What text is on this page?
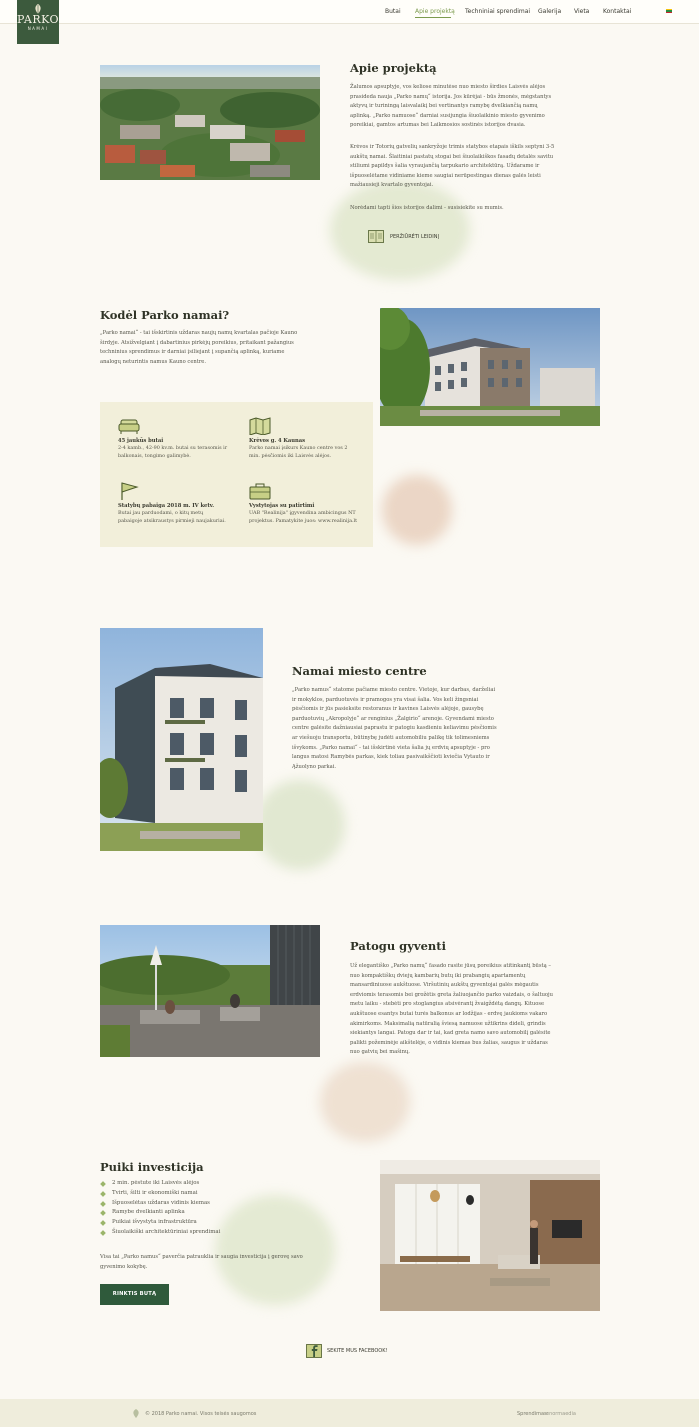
PARKO
NAMAI
Butai Apie projektą Techniniai sprendimai Galerija Vieta Kontaktai
Apie projektą
Žalumos apsuptyje, vos keliose minutėse nuo miesto širdies Laisvės alėjos prasideda nauja „Parko namų“ istorija. Jos kūrėjai - būs žmonės, mėgstantys aktyvų ir turiningą laisvalaikį bei vertinantys ramybę dvelkiančią namų aplinką. „Parko namuose“ darniai susijungia šiuolaikinio miesto gyvenimo poreikiai, gamtos artumas bei Laikmosios sostinės istorijos dvasia.
Krėvos ir Totorių gatvelių sankryžoje trimis statybos etapais iškils septyni 3-5 aukštų namai. Šlaitiniai pastatų stogai bei šiuolaikiškos fasadų detalės savitu stiliumi papildys šalia vyraujančią tarpukario architektūrą. Uždarame ir išpuoselėtame vidiniame kieme saugiai nerūpestingas dienas galės leisti mažiausieji kvartalo gyventojai.
Norėdami tapti šios istorijos dalimi - susisiekite su mumis.
PERŽIŪRĖTI LEIDINĮ
Kodėl Parko namai?
„Parko namai“ - tai išskirtinis uždaras naujų namų kvartalas pačioje Kauno širdyje. Atsižvelgiant į dabartinius pirkėjų poreikius, pritaikant pažangius techninius sprendimus ir darniai įsiliejant į supančią aplinką, kuriame analogų neturintis namus Kauno centre.
45 jaukūs butai
2-4 kamb., 42-90 kv.m. butai su terasomis ir balkonais, tongimo galimybė.
Krėvos g. 4 Kaunas
Parko namai įsikurs Kauno centre vos 2 min. pėsčiomis iki Laisvės alėjos.
Statybų pabaiga 2018 m. IV ketv.
Butai jau parduodami, o kitų metų pabaigoje atsikraustys pirmieji naujakuriai.
Vystytojas su patirtimi
UAB "Realinija" įgyvendina ambicingus NT projektus. Pamatykite juos: www.realinija.lt
Namai miesto centre
„Parko namus“ statome pačiame miesto centre. Vietoje, kur darbas, darželiai ir mokyklos, parduotuvės ir pramogos yra visai šalia. Vos keli žingsniai pėsčiomis ir jūs pasieksite restoranus ir kavines Laisvės alėjoje, gausybę parduotuvių „Akropolyje“ ar renginius „Žalgirio“ arenoje. Gyvendami miesto centre galėsite dažniausiai paprastu ir patogiu kasdieniu keliavimu pėsčiomis ar viešuoju transportu, būtinybę judėti automobiliu palikę tik tolimesniems išvykoms. „Parko namai“ - tai išskirtinė vieta šalia jų erdvių apsuptyje - pro langus matosi Ramybės parkas, kiek toliau pasivaikščioti kviečia Vytauto ir Ąžuolyno parkai.
Patogu gyventi
Už elegantiško „Parko namų“ fasado rasite jūsų poreikius atitinkantį būstą – nuo kompaktiškų dviejų kambarių butų iki prabangių apartamentų mansardiniuose aukštuose. Viršutinių aukštų gyventojai galės mėgautis erdviomis terasomis bei grožėtis greta žaliuojančio parko vaizdais, o šaltuoju metu laiku - stebėti pro stoglangius atsivėrantį žvaigždėtą dangų. Kituose aukštuose esantys butai turės balkonus ar lodžijas - erdvę jaukioms vakaro akimirkoms. Maksimalią natūralią šviesą namuose užtikrins dideli, grindis siekiantys langai. Patogu dar ir tai, kad greta namo savo automobilį galėsite palikti požeminėje aikštelėje, o vidinis kiemas bus žalias, saugus ir uždaras nuo gatvių bei mašinų.
Puiki investicija
2 min. pėstute iki Laisvės alėjos
Tvirti, šilti ir ekonomiški namai
Išpuoselėtas uždaras vidinis kiemas
Ramybe dvelkianti aplinka
Puikiai išvystyta infrastruktūra
Šiuolaikiški architektūriniai sprendimai
Visa tai „Parko namus“ paverčia patrauklia ir saugia investicija į gerovę savo gyvenimo kokybę.
RINKTIS BUTĄ
SEKITE MUS FACEBOOK!
© 2018 Parko namai. Visos teisės saugomos	Sprendimas:
enormaedia
